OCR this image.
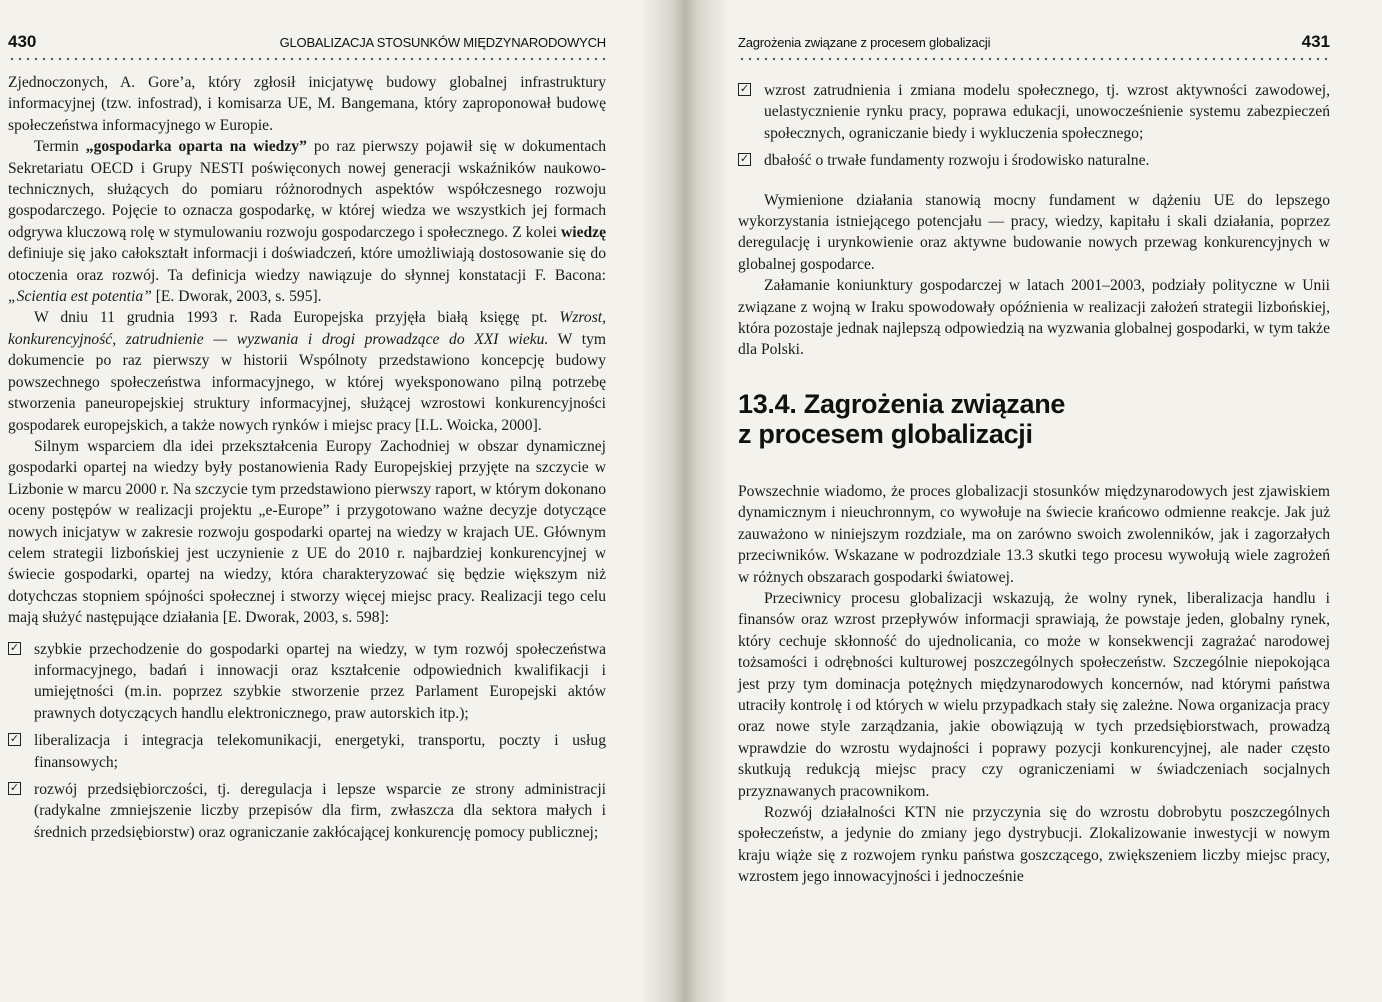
430	GLOBALIZACJA STOSUNKÓW MIĘDZYNARODOWYCH

Zjednoczonych, A. Gore’a, który zgłosił inicjatywę budowy globalnej infrastruktury informacyjnej (tzw. infostrad), i komisarza UE, M. Bangemana, który zaproponował budowę społeczeństwa informacyjnego w Europie.

Termin „gospodarka oparta na wiedzy” po raz pierwszy pojawił się w dokumentach Sekretariatu OECD i Grupy NESTI poświęconych nowej generacji wskaźników naukowo-technicznych, służących do pomiaru różnorodnych aspektów współczesnego rozwoju gospodarczego. Pojęcie to oznacza gospodarkę, w której wiedza we wszystkich jej formach odgrywa kluczową rolę w stymulowaniu rozwoju gospodarczego i społecznego. Z kolei wiedzę definiuje się jako całokształt informacji i doświadczeń, które umożliwiają dostosowanie się do otoczenia oraz rozwój. Ta definicja wiedzy nawiązuje do słynnej konstatacji F. Bacona: „Scientia est potentia” [E. Dworak, 2003, s. 595].

W dniu 11 grudnia 1993 r. Rada Europejska przyjęła białą księgę pt. Wzrost, konkurencyjność, zatrudnienie — wyzwania i drogi prowadzące do XXI wieku. W tym dokumencie po raz pierwszy w historii Wspólnoty przedstawiono koncepcję budowy powszechnego społeczeństwa informacyjnego, w której wyeksponowano pilną potrzebę stworzenia paneuropejskiej struktury informacyjnej, służącej wzrostowi konkurencyjności gospodarek europejskich, a także nowych rynków i miejsc pracy [I.L. Woicka, 2000].

Silnym wsparciem dla idei przekształcenia Europy Zachodniej w obszar dynamicznej gospodarki opartej na wiedzy były postanowienia Rady Europejskiej przyjęte na szczycie w Lizbonie w marcu 2000 r. Na szczycie tym przedstawiono pierwszy raport, w którym dokonano oceny postępów w realizacji projektu „e-Europe” i przygotowano ważne decyzje dotyczące nowych inicjatyw w zakresie rozwoju gospodarki opartej na wiedzy w krajach UE. Głównym celem strategii lizbońskiej jest uczynienie z UE do 2010 r. najbardziej konkurencyjnej w świecie gospodarki, opartej na wiedzy, która charakteryzować się będzie większym niż dotychczas stopniem spójności społecznej i stworzy więcej miejsc pracy. Realizacji tego celu mają służyć następujące działania [E. Dworak, 2003, s. 598]:

✓ szybkie przechodzenie do gospodarki opartej na wiedzy, w tym rozwój społeczeństwa informacyjnego, badań i innowacji oraz kształcenie odpowiednich kwalifikacji i umiejętności (m.in. poprzez szybkie stworzenie przez Parlament Europejski aktów prawnych dotyczących handlu elektronicznego, praw autorskich itp.);
✓ liberalizacja i integracja telekomunikacji, energetyki, transportu, poczty i usług finansowych;
✓ rozwój przedsiębiorczości, tj. deregulacja i lepsze wsparcie ze strony administracji (radykalne zmniejszenie liczby przepisów dla firm, zwłaszcza dla sektora małych i średnich przedsiębiorstw) oraz ograniczanie zakłócającej konkurencję pomocy publicznej;
Zagrożenia związane z procesem globalizacji	431
✓ wzrost zatrudnienia i zmiana modelu społecznego, tj. wzrost aktywności zawodowej, uelastycznienie rynku pracy, poprawa edukacji, unowocześnienie systemu zabezpieczeń społecznych, ograniczanie biedy i wykluczenia społecznego;
✓ dbałość o trwałe fundamenty rozwoju i środowisko naturalne.

Wymienione działania stanowią mocny fundament w dążeniu UE do lepszego wykorzystania istniejącego potencjału — pracy, wiedzy, kapitału i skali działania, poprzez deregulację i urynkowienie oraz aktywne budowanie nowych przewag konkurencyjnych w globalnej gospodarce.

Załamanie koniunktury gospodarczej w latach 2001–2003, podziały polityczne w Unii związane z wojną w Iraku spowodowały opóźnienia w realizacji założeń strategii lizbońskiej, która pozostaje jednak najlepszą odpowiedzią na wyzwania globalnej gospodarki, w tym także dla Polski.

13.4. Zagrożenia związane
z procesem globalizacji

Powszechnie wiadomo, że proces globalizacji stosunków międzynarodowych jest zjawiskiem dynamicznym i nieuchronnym, co wywołuje na świecie krańcowo odmienne reakcje. Jak już zauważono w niniejszym rozdziale, ma on zarówno swoich zwolenników, jak i zagorzałych przeciwników. Wskazane w podrozdziale 13.3 skutki tego procesu wywołują wiele zagrożeń w różnych obszarach gospodarki światowej.

Przeciwnicy procesu globalizacji wskazują, że wolny rynek, liberalizacja handlu i finansów oraz wzrost przepływów informacji sprawiają, że powstaje jeden, globalny rynek, który cechuje skłonność do ujednolicania, co może w konsekwencji zagrażać narodowej tożsamości i odrębności kulturowej poszczególnych społeczeństw. Szczególnie niepokojąca jest przy tym dominacja potężnych międzynarodowych koncernów, nad którymi państwa utraciły kontrolę i od których w wielu przypadkach stały się zależne. Nowa organizacja pracy oraz nowe style zarządzania, jakie obowiązują w tych przedsiębiorstwach, prowadzą wprawdzie do wzrostu wydajności i poprawy pozycji konkurencyjnej, ale nader często skutkują redukcją miejsc pracy czy ograniczeniami w świadczeniach socjalnych przyznawanych pracownikom.

Rozwój działalności KTN nie przyczynia się do wzrostu dobrobytu poszczególnych społeczeństw, a jedynie do zmiany jego dystrybucji. Zlokalizowanie inwestycji w nowym kraju wiąże się z rozwojem rynku państwa goszczącego, zwiększeniem liczby miejsc pracy, wzrostem jego innowacyjności i jednocześnie
